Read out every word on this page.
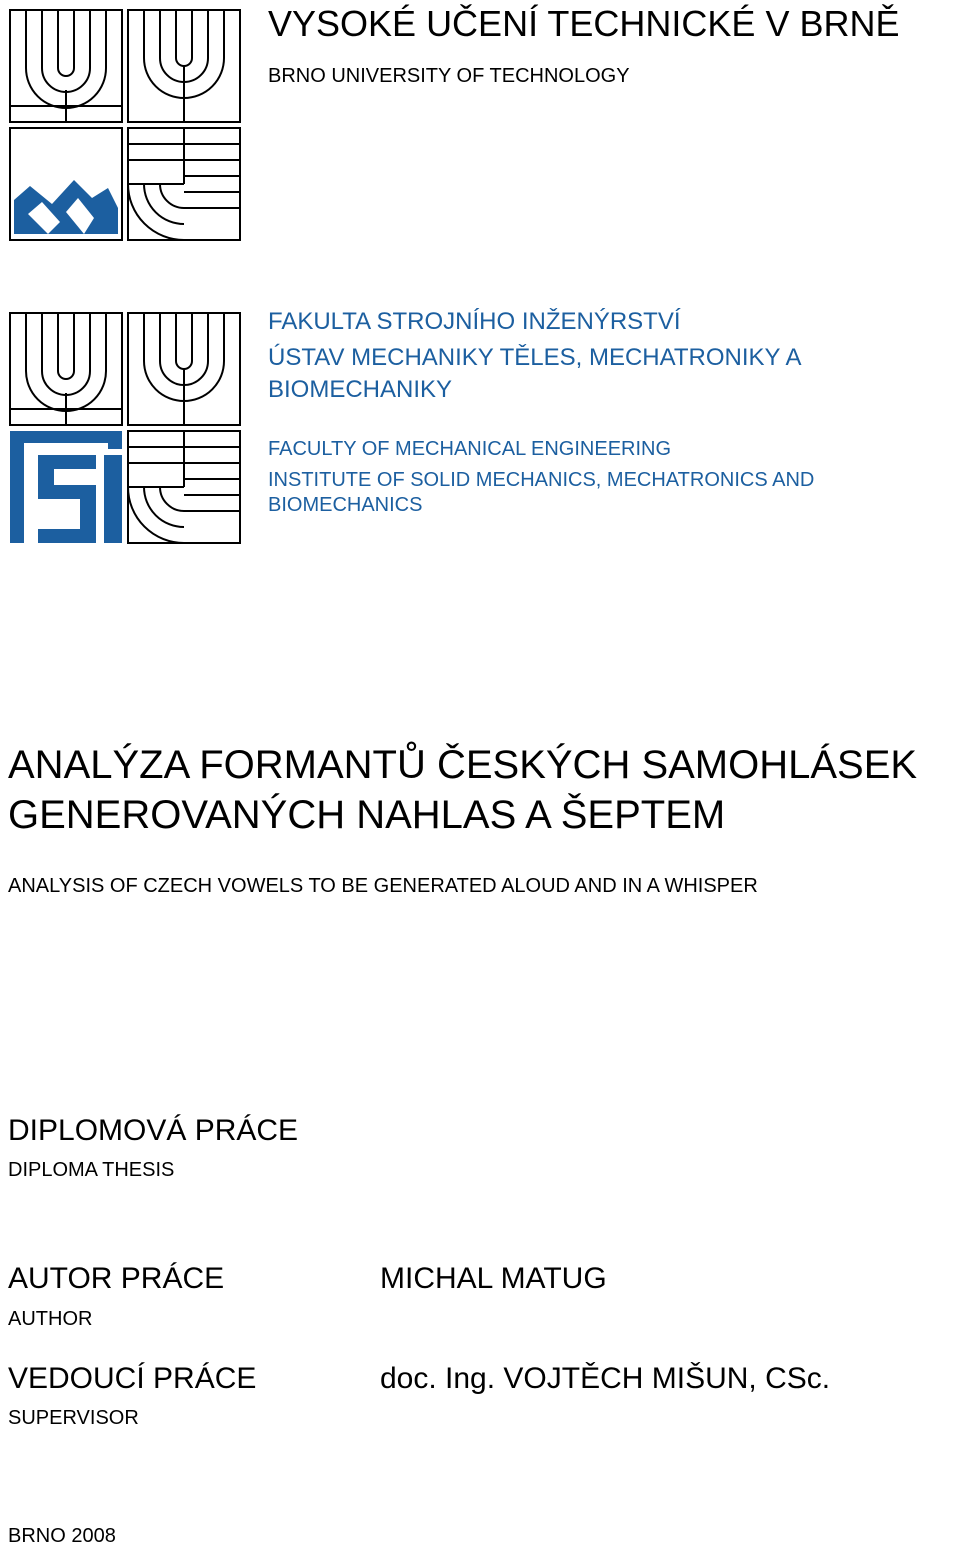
VYSOKÉ UČENÍ TECHNICKÉ V BRNĚ
BRNO UNIVERSITY OF TECHNOLOGY
FAKULTA STROJNÍHO INŽENÝRSTVÍ
ÚSTAV MECHANIKY TĚLES, MECHATRONIKY A
BIOMECHANIKY
FACULTY OF MECHANICAL ENGINEERING
INSTITUTE OF SOLID MECHANICS, MECHATRONICS AND
BIOMECHANICS
ANALÝZA FORMANTŮ ČESKÝCH SAMOHLÁSEK
GENEROVANÝCH NAHLAS A ŠEPTEM
ANALYSIS OF CZECH VOWELS TO BE GENERATED ALOUD AND IN A WHISPER
DIPLOMOVÁ PRÁCE
DIPLOMA THESIS
AUTOR PRÁCE
AUTHOR
MICHAL MATUG
VEDOUCÍ PRÁCE
SUPERVISOR
doc. Ing. VOJTĚCH MIŠUN, CSc.
BRNO 2008
